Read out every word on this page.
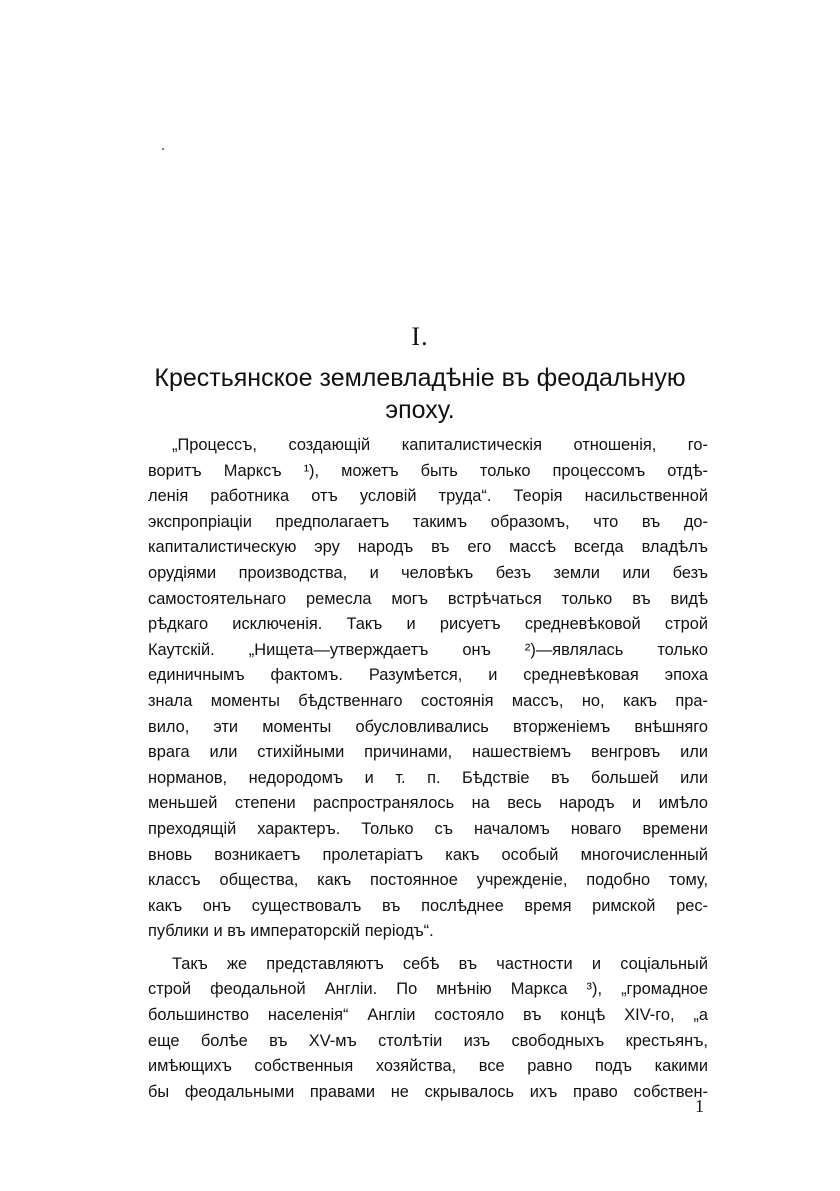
I.
Крестьянское землевладѣніе въ феодальную
эпоху.

„Процессъ, создающій капиталистическія отношенія, го-
воритъ Марксъ ¹), можетъ быть только процессомъ отдѣ-
ленія работника отъ условій труда“. Теорія насильственной
экспропріаціи предполагаетъ такимъ образомъ, что въ до-
капиталистическую эру народъ въ его массѣ всегда владѣлъ
орудіями производства, и человѣкъ безъ земли или безъ
самостоятельнаго ремесла могъ встрѣчаться только въ видѣ
рѣдкаго исключенія. Такъ и рисуетъ средневѣковой строй
Каутскій. „Нищета—утверждаетъ онъ ²)—являлась только
единичнымъ фактомъ. Разумѣется, и средневѣковая эпоха
знала моменты бѣдственнаго состоянія массъ, но, какъ пра-
вило, эти моменты обусловливались вторженіемъ внѣшняго
врага или стихійными причинами, нашествіемъ венгровъ или
норманов, недородомъ и т. п. Бѣдствіе въ большей или
меньшей степени распространялось на весь народъ и имѣло
преходящій характеръ. Только съ началомъ новаго времени
вновь возникаетъ пролетаріатъ какъ особый многочисленный
классъ общества, какъ постоянное учрежденіе, подобно тому,
какъ онъ существовалъ въ послѣднее время римской рес-
публики и въ императорскій періодъ“.

Такъ же представляютъ себѣ въ частности и соціальный
строй феодальной Англіи. По мнѣнію Маркса ³), „громадное
большинство населенія“ Англіи состояло въ концѣ XIV-го, „а
еще болѣе въ XV-мъ столѣтіи изъ свободныхъ крестьянъ,
имѣющихъ собственныя хозяйства, все равно подъ какими
бы феодальными правами не скрывалось ихъ право собствен-

1
